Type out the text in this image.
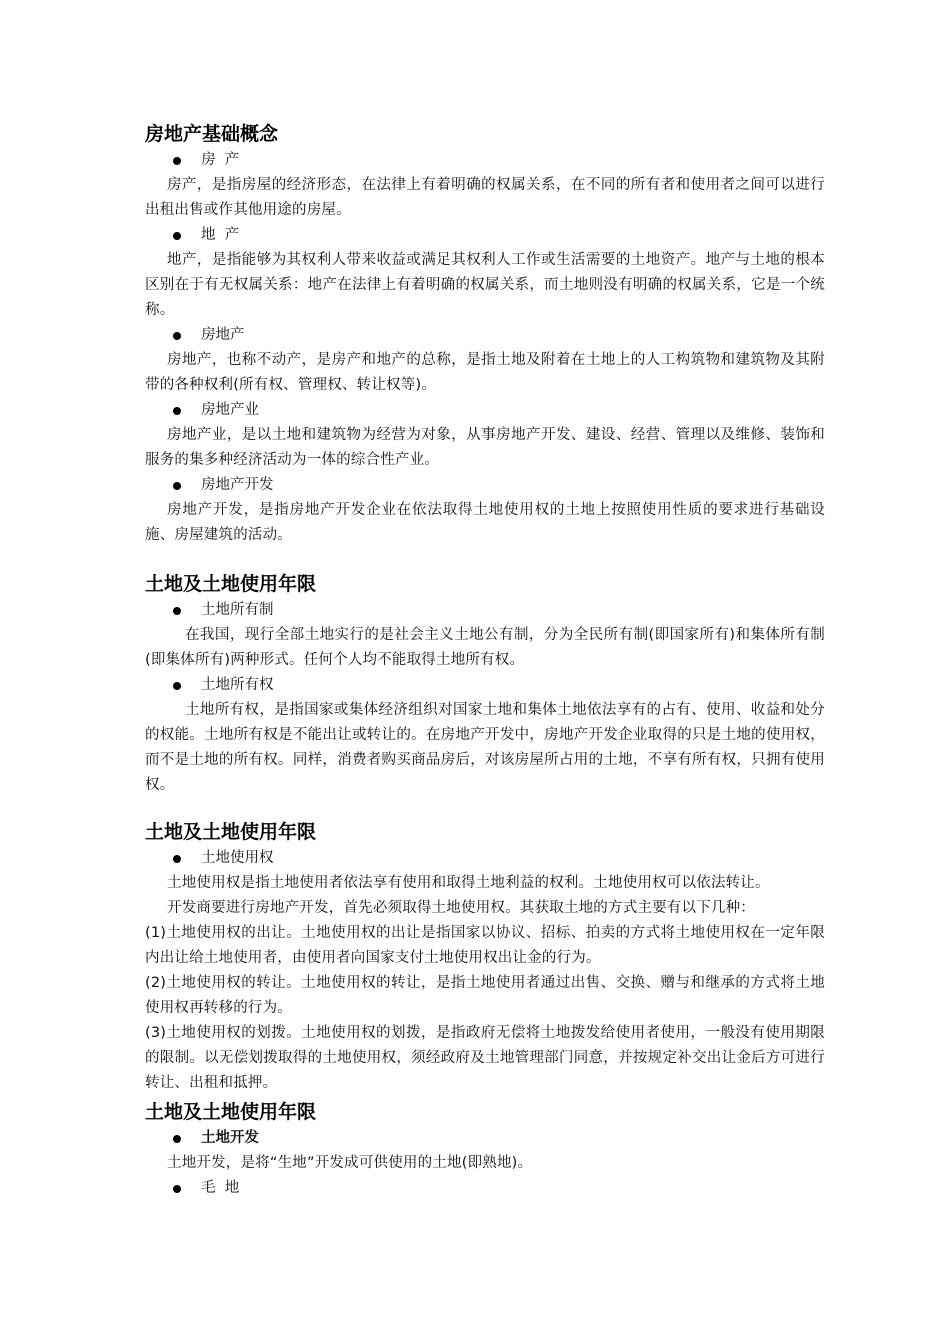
房地产基础概念
房  产

房产，是指房屋的经济形态，在法律上有着明确的权属关系，在不同的所有者和使用者之间可以进行出租出售或作其他用途的房屋。

地  产

地产，是指能够为其权利人带来收益或满足其权利人工作或生活需要的土地资产。地产与土地的根本区别在于有无权属关系：地产在法律上有着明确的权属关系，而土地则没有明确的权属关系，它是一个统称。

房地产

房地产，也称不动产，是房产和地产的总称，是指土地及附着在土地上的人工构筑物和建筑物及其附带的各种权利(所有权、管理权、转让权等)。

房地产业

房地产业，是以土地和建筑物为经营为对象，从事房地产开发、建设、经营、管理以及维修、装饰和服务的集多种经济活动为一体的综合性产业。

房地产开发

房地产开发，是指房地产开发企业在依法取得土地使用权的土地上按照使用性质的要求进行基础设施、房屋建筑的活动。

土地及土地使用年限
土地所有制

在我国，现行全部土地实行的是社会主义土地公有制，分为全民所有制(即国家所有)和集体所有制(即集体所有)两种形式。任何个人均不能取得土地所有权。

土地所有权

土地所有权，是指国家或集体经济组织对国家土地和集体土地依法享有的占有、使用、收益和处分的权能。土地所有权是不能出让或转让的。在房地产开发中，房地产开发企业取得的只是土地的使用权，而不是土地的所有权。同样，消费者购买商品房后，对该房屋所占用的土地，不享有所有权，只拥有使用权。

土地及土地使用年限
土地使用权

土地使用权是指土地使用者依法享有使用和取得土地利益的权利。土地使用权可以依法转让。

开发商要进行房地产开发，首先必须取得土地使用权。其获取土地的方式主要有以下几种：

(1)土地使用权的出让。土地使用权的出让是指国家以协议、招标、拍卖的方式将土地使用权在一定年限内出让给土地使用者，由使用者向国家支付土地使用权出让金的行为。

(2)土地使用权的转让。土地使用权的转让，是指土地使用者通过出售、交换、赠与和继承的方式将土地使用权再转移的行为。

(3)土地使用权的划拨。土地使用权的划拨，是指政府无偿将土地拨发给使用者使用，一般没有使用期限的限制。以无偿划拨取得的土地使用权，须经政府及土地管理部门同意，并按规定补交出让金后方可进行转让、出租和抵押。

土地及土地使用年限
土地开发

土地开发，是将“生地”开发成可供使用的土地(即熟地)。

毛  地
